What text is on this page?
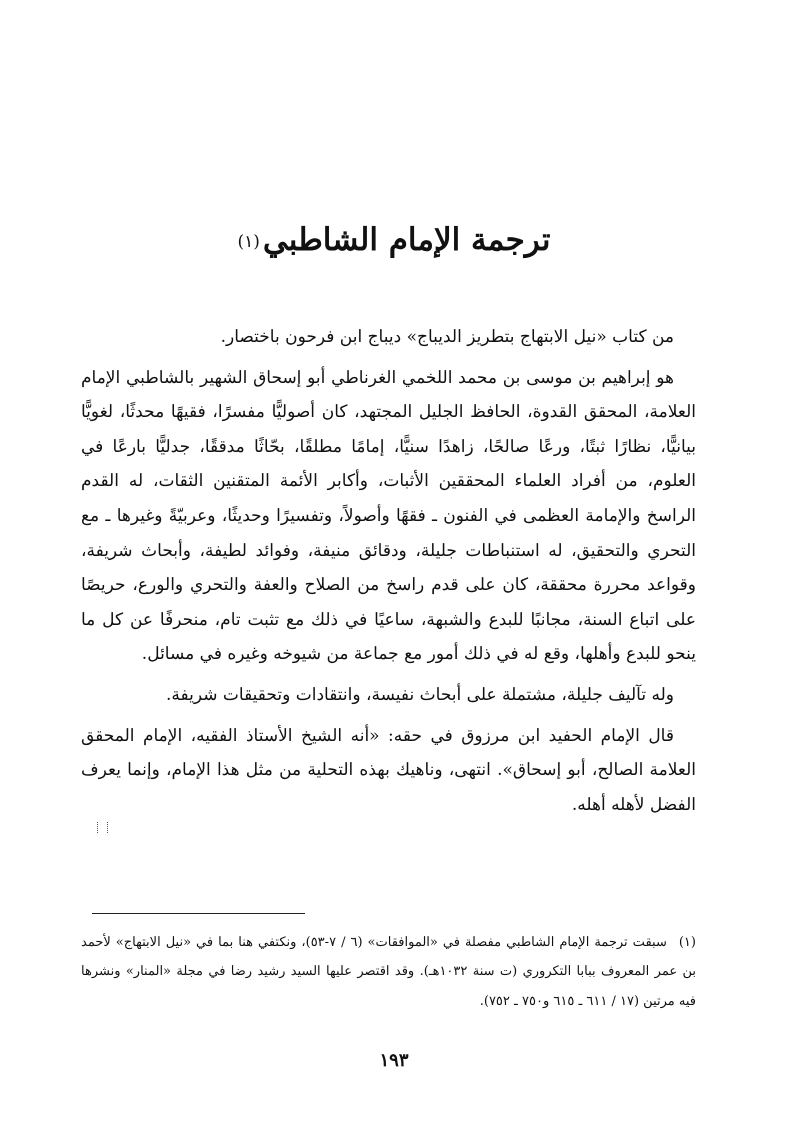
ترجمة الإمام الشاطبي$^{(١)}$

من كتاب «نيل الابتهاج بتطريز الديباج» ديباج ابن فرحون باختصار.

هو إبراهيم بن موسى بن محمد اللخمي الغرناطي أبو إسحاق الشهير بالشاطبي الإمام العلامة، المحقق القدوة، الحافظ الجليل المجتهد، كان أصوليًّا مفسرًا، فقيهًا محدثًا، لغويًّا بيانيًّا، نظارًا ثبتًا، ورعًا صالحًا، زاهدًا سنيًّا، إمامًا مطلقًا، بحّاثًا مدققًا، جدليًّا بارعًا في العلوم، من أفراد العلماء المحققين الأثبات، وأكابر الأئمة المتقنين الثقات، له القدم الراسخ والإمامة العظمى في الفنون ـ فقهًا وأصولاً، وتفسيرًا وحديثًا، وعربيّةً وغيرها ـ مع التحري والتحقيق، له استنباطات جليلة، ودقائق منيفة، وفوائد لطيفة، وأبحاث شريفة، وقواعد محررة محققة، كان على قدم راسخ من الصلاح والعفة والتحري والورع، حريصًا على اتباع السنة، مجانبًا للبدع والشبهة، ساعيًا في ذلك مع تثبت تام، منحرفًا عن كل ما ينحو للبدع وأهلها، وقع له في ذلك أمور مع جماعة من شيوخه وغيره في مسائل.

وله تآليف جليلة، مشتملة على أبحاث نفيسة، وانتقادات وتحقيقات شريفة.

قال الإمام الحفيد ابن مرزوق في حقه: «أنه الشيخ الأستاذ الفقيه، الإمام المحقق العلامة الصالح، أبو إسحاق». انتهى، وناهيك بهذه التحلية من مثل هذا الإمام، وإنما يعرف الفضل لأهله أهله.

(١)سبقت ترجمة الإمام الشاطبي مفصلة في «الموافقات» (٦ / ٧-٥٣)، ونكتفي هنا بما في «نيل الابتهاج» لأحمد بن عمر المعروف ببابا التكروري (ت سنة ١٠٣٢هـ). وقد اقتصر عليها السيد رشيد رضا في مجلة «المنار» ونشرها فيه مرتين (١٧ / ٦١١ ـ ٦١٥ و٧٥٠ ـ ٧٥٢).

١٩٣
